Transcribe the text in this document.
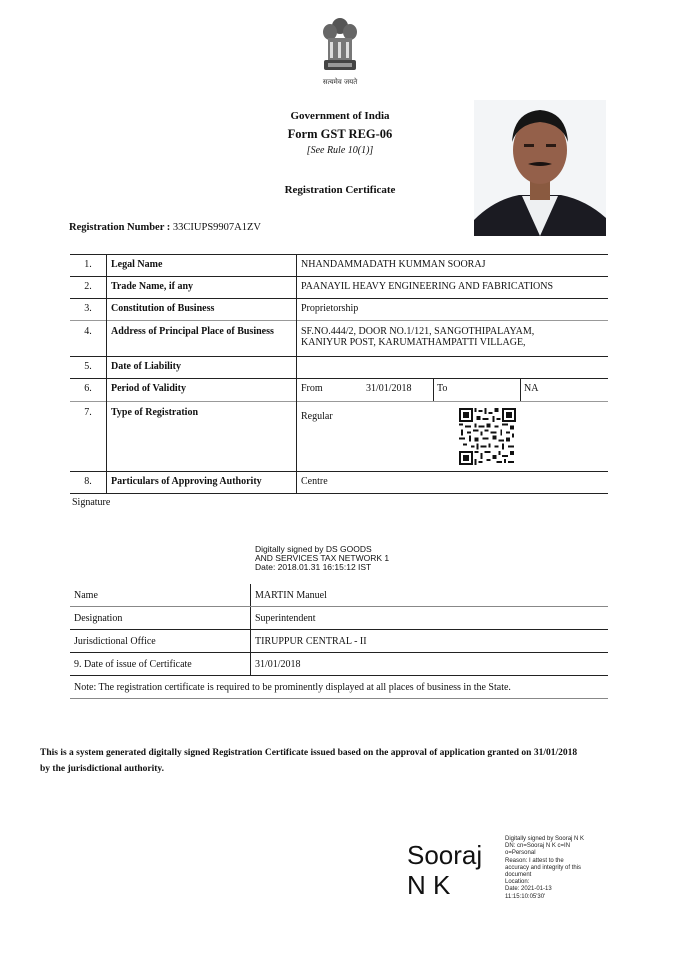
सत्यमेव जयते
Government of India
Form GST REG-06
[See Rule 10(1)]
Registration Certificate
Registration Number : 33CIUPS9907A1ZV
1.	Legal Name	NHANDAMMADATH KUMMAN SOORAJ
2.	Trade Name, if any	PAANAYIL HEAVY ENGINEERING AND FABRICATIONS
3.	Constitution of Business	Proprietorship
4.	Address of Principal Place of Business	SF.NO.444/2, DOOR NO.1/121, SANGOTHIPALAYAM,
KANIYUR POST, KARUMATHAMPATTI VILLAGE,

5.	Date of Liability	
6.	Period of Validity	From 31/01/2018 To NA

7.	Type of Registration	Regular

8.	Particulars of Approving Authority	Centre
Signature
Digitally signed by DS GOODS
AND SERVICES TAX NETWORK 1
Date: 2018.01.31 16:15:12 IST
Name	MARTIN Manuel
Designation	Superintendent
Jurisdictional Office	TIRUPPUR CENTRAL - II
9. Date of issue of Certificate	31/01/2018
Note: The registration certificate is required to be prominently displayed at all places of business in the State.	
This is a system generated digitally signed Registration Certificate issued based on the approval of application granted on 31/01/2018
by the jurisdictional authority.
Sooraj
N K
Digitally signed by Sooraj N K
DN: cn=Sooraj N K c=IN
o=Personal
Reason: I attest to the
accuracy and integrity of this
document
Location:
Date: 2021-01-13
11:15:10:05'30'
